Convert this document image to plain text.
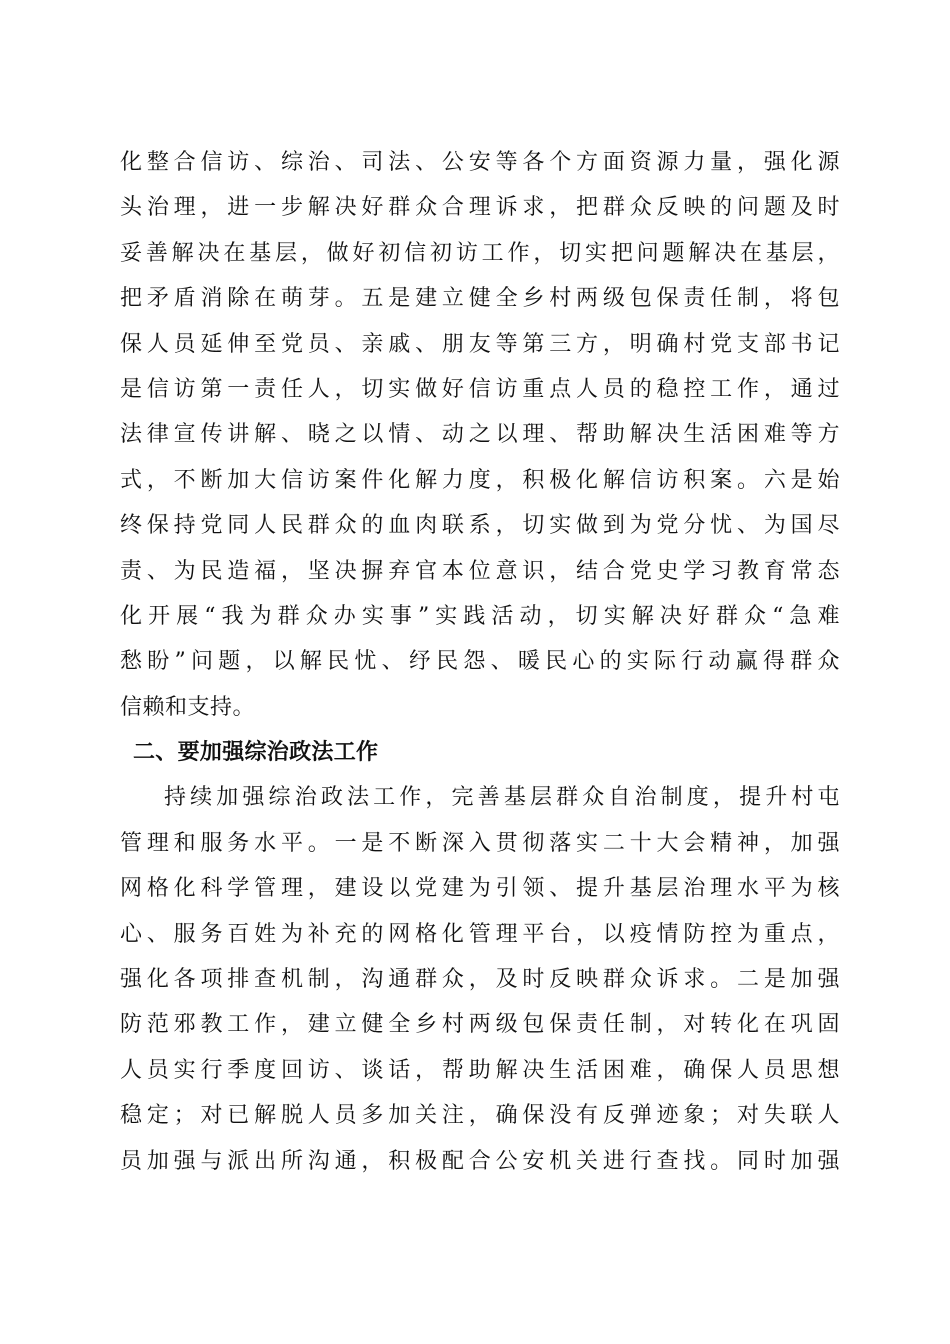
化整合信访、综治、司法、公安等各个方面资源力量，强化源
头治理，进一步解决好群众合理诉求，把群众反映的问题及时
妥善解决在基层，做好初信初访工作，切实把问题解决在基层，
把矛盾消除在萌芽。五是建立健全乡村两级包保责任制，将包
保人员延伸至党员、亲戚、朋友等第三方，明确村党支部书记
是信访第一责任人，切实做好信访重点人员的稳控工作，通过
法律宣传讲解、晓之以情、动之以理、帮助解决生活困难等方
式，不断加大信访案件化解力度，积极化解信访积案。六是始
终保持党同人民群众的血肉联系，切实做到为党分忧、为国尽
责、为民造福，坚决摒弃官本位意识，结合党史学习教育常态
化开展“我为群众办实事”实践活动，切实解决好群众“急难
愁盼”问题，以解民忧、纾民怨、暖民心的实际行动赢得群众
信赖和支持。
二、要加强综治政法工作
持续加强综治政法工作，完善基层群众自治制度，提升村屯
管理和服务水平。一是不断深入贯彻落实二十大会精神，加强
网格化科学管理，建设以党建为引领、提升基层治理水平为核
心、服务百姓为补充的网格化管理平台，以疫情防控为重点，
强化各项排查机制，沟通群众，及时反映群众诉求。二是加强
防范邪教工作，建立健全乡村两级包保责任制，对转化在巩固
人员实行季度回访、谈话，帮助解决生活困难，确保人员思想
稳定；对已解脱人员多加关注，确保没有反弹迹象；对失联人
员加强与派出所沟通，积极配合公安机关进行查找。同时加强
